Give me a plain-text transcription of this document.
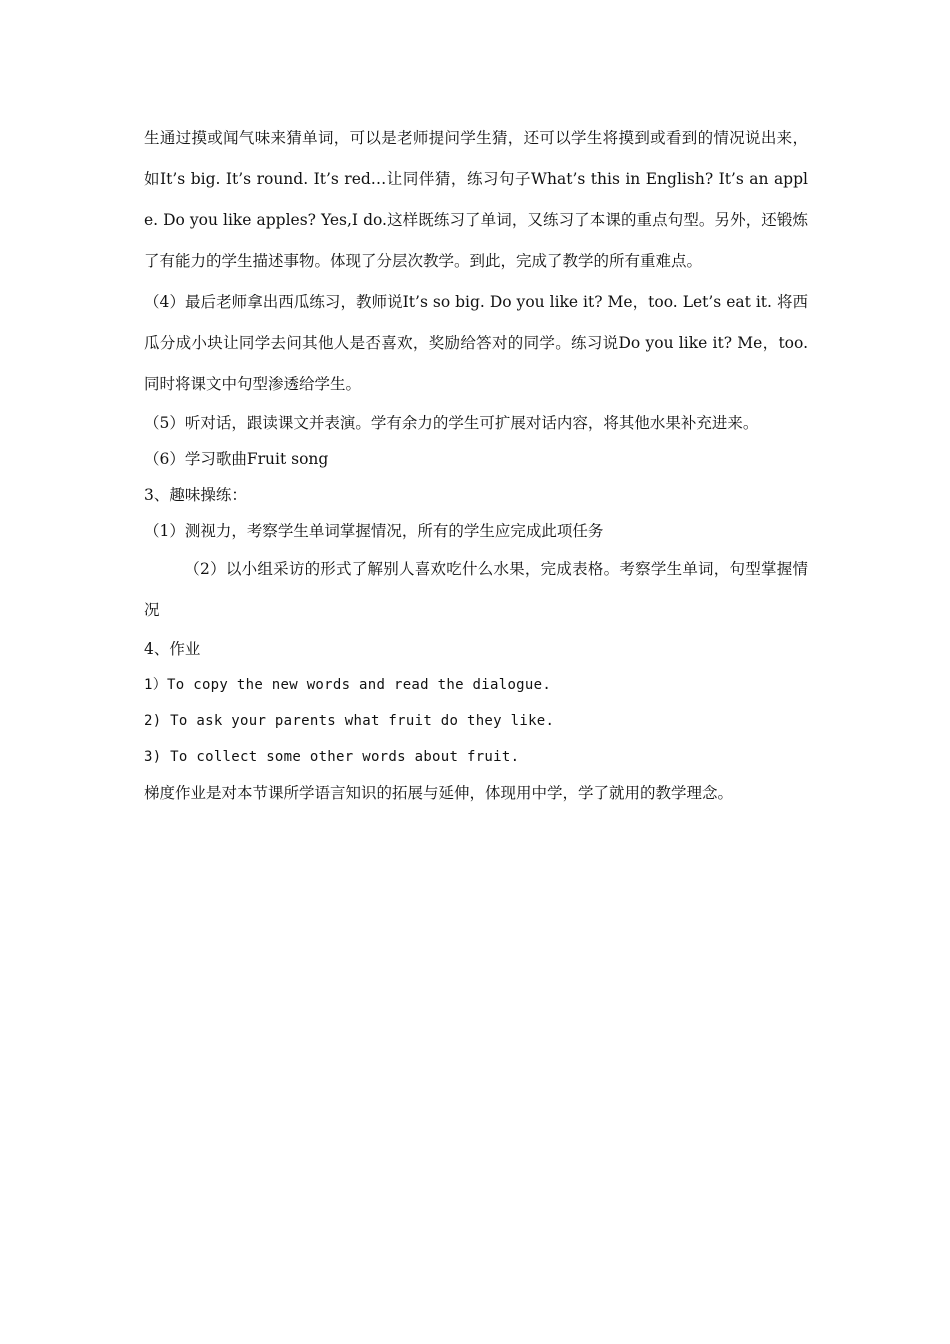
生通过摸或闻气味来猜单词，可以是老师提问学生猜，还可以学生将摸到或看到的情况说出来，如It’s big. It’s round. It’s red…让同伴猜，练习句子What’s this in English? It’s an apple. Do you like apples? Yes,I do.这样既练习了单词，又练习了本课的重点句型。另外，还锻炼了有能力的学生描述事物。体现了分层次教学。到此，完成了教学的所有重难点。

（4）最后老师拿出西瓜练习，教师说It’s so big. Do you like it? Me，too. Let’s eat it. 将西瓜分成小块让同学去问其他人是否喜欢，奖励给答对的同学。练习说Do you like it? Me，too.同时将课文中句型渗透给学生。

（5）听对话，跟读课文并表演。学有余力的学生可扩展对话内容，将其他水果补充进来。

（6）学习歌曲Fruit song

3、趣味操练：

（1）测视力，考察学生单词掌握情况，所有的学生应完成此项任务

（2）以小组采访的形式了解别人喜欢吃什么水果，完成表格。考察学生单词，句型掌握情况

4、作业

1）To copy the new words and read the dialogue.

2) To ask your parents what fruit do they like.

3) To collect some other words about fruit.

梯度作业是对本节课所学语言知识的拓展与延伸，体现用中学，学了就用的教学理念。
